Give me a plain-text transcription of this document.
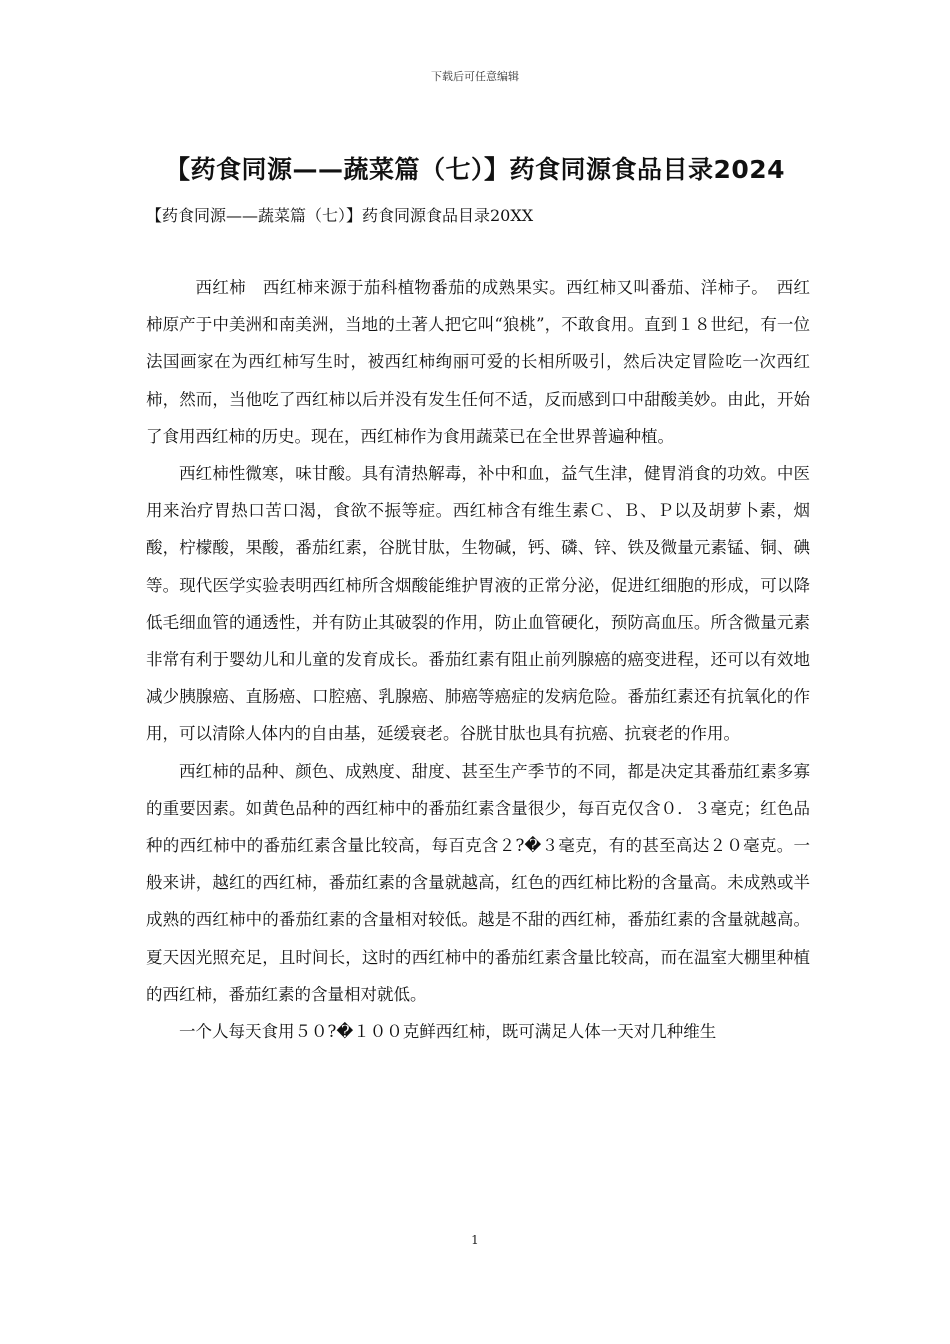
下载后可任意编辑
【药食同源——蔬菜篇（七）】药食同源食品目录2024
【药食同源——蔬菜篇（七）】药食同源食品目录20XX

西红柿　西红柿来源于茄科植物番茄的成熟果实。西红柿又叫番茄、洋柿子。　西红柿原产于中美洲和南美洲，当地的土著人把它叫“狼桃”，不敢食用。直到１８世纪，有一位法国画家在为西红柿写生时，被西红柿绚丽可爱的长相所吸引，然后决定冒险吃一次西红柿，然而，当他吃了西红柿以后并没有发生任何不适，反而感到口中甜酸美妙。由此，开始了食用西红柿的历史。现在，西红柿作为食用蔬菜已在全世界普遍种植。

西红柿性微寒，味甘酸。具有清热解毒，补中和血，益气生津，健胃消食的功效。中医用来治疗胃热口苦口渴，食欲不振等症。西红柿含有维生素Ｃ、Ｂ、Ｐ以及胡萝卜素，烟酸，柠檬酸，果酸，番茄红素，谷胱甘肽，生物碱，钙、磷、锌、铁及微量元素锰、铜、碘等。现代医学实验表明西红柿所含烟酸能维护胃液的正常分泌，促进红细胞的形成，可以降低毛细血管的通透性，并有防止其破裂的作用，防止血管硬化，预防高血压。所含微量元素非常有利于婴幼儿和儿童的发育成长。番茄红素有阻止前列腺癌的癌变进程，还可以有效地减少胰腺癌、直肠癌、口腔癌、乳腺癌、肺癌等癌症的发病危险。番茄红素还有抗氧化的作用，可以清除人体内的自由基，延缓衰老。谷胱甘肽也具有抗癌、抗衰老的作用。

西红柿的品种、颜色、成熟度、甜度、甚至生产季节的不同，都是决定其番茄红素多寡的重要因素。如黄色品种的西红柿中的番茄红素含量很少，每百克仅含０．３毫克；红色品种的西红柿中的番茄红素含量比较高，每百克含２?�３毫克，有的甚至高达２０毫克。一般来讲，越红的西红柿，番茄红素的含量就越高，红色的西红柿比粉的含量高。未成熟或半成熟的西红柿中的番茄红素的含量相对较低。越是不甜的西红柿，番茄红素的含量就越高。夏天因光照充足，且时间长，这时的西红柿中的番茄红素含量比较高，而在温室大棚里种植的西红柿，番茄红素的含量相对就低。

一个人每天食用５０?�１００克鲜西红柿，既可满足人体一天对几种维生

1
